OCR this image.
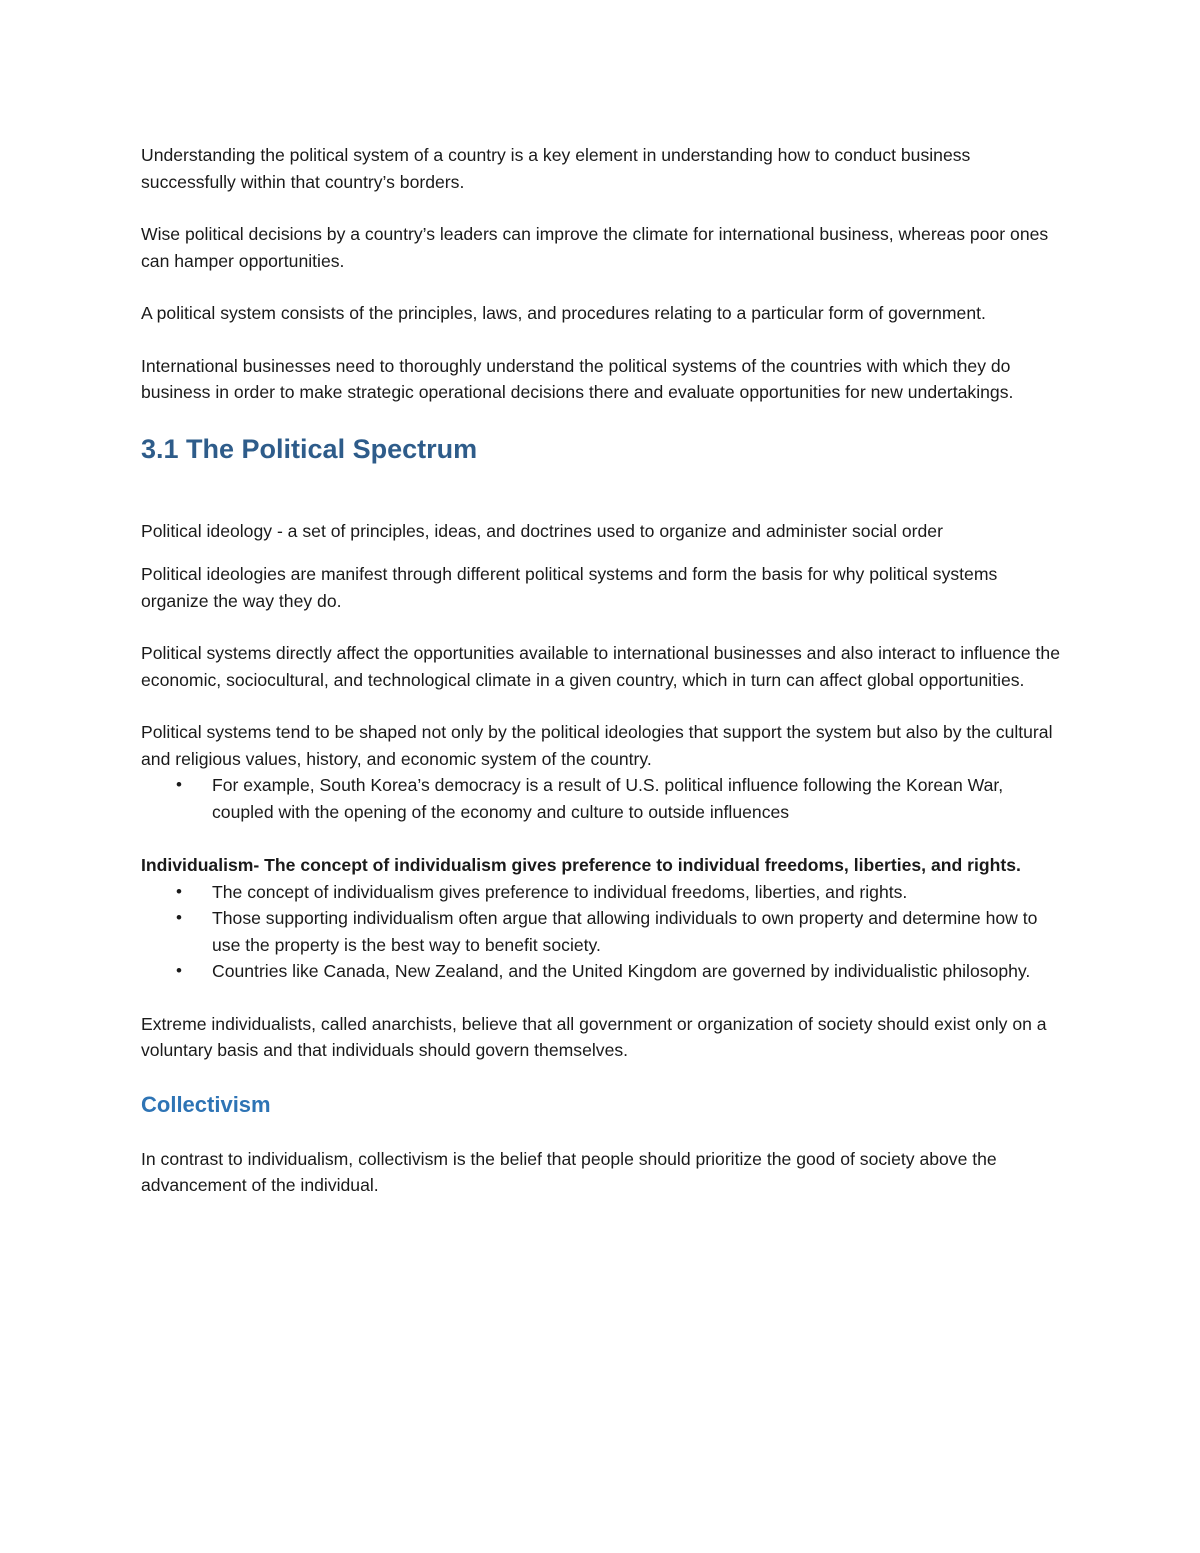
Understanding the political system of a country is a key element in understanding how to conduct business successfully within that country’s borders.

Wise political decisions by a country’s leaders can improve the climate for international business, whereas poor ones can hamper opportunities.

A political system consists of the principles, laws, and procedures relating to a particular form of government.

International businesses need to thoroughly understand the political systems of the countries with which they do business in order to make strategic operational decisions there and evaluate opportunities for new undertakings.

3.1 The Political Spectrum

Political ideology - a set of principles, ideas, and doctrines used to organize and administer social order

Political ideologies are manifest through different political systems and form the basis for why political systems organize the way they do.

Political systems directly affect the opportunities available to international businesses and also interact to influence the economic, sociocultural, and technological climate in a given country, which in turn can affect global opportunities.

Political systems tend to be shaped not only by the political ideologies that support the system but also by the cultural and religious values, history, and economic system of the country.

• For example, South Korea’s democracy is a result of U.S. political influence following the Korean War, coupled with the opening of the economy and culture to outside influences

Individualism- The concept of individualism gives preference to individual freedoms, liberties, and rights.

• The concept of individualism gives preference to individual freedoms, liberties, and rights.
• Those supporting individualism often argue that allowing individuals to own property and determine how to use the property is the best way to benefit society.
• Countries like Canada, New Zealand, and the United Kingdom are governed by individualistic philosophy.

Extreme individualists, called anarchists, believe that all government or organization of society should exist only on a voluntary basis and that individuals should govern themselves.

Collectivism

In contrast to individualism, collectivism is the belief that people should prioritize the good of society above the advancement of the individual.
